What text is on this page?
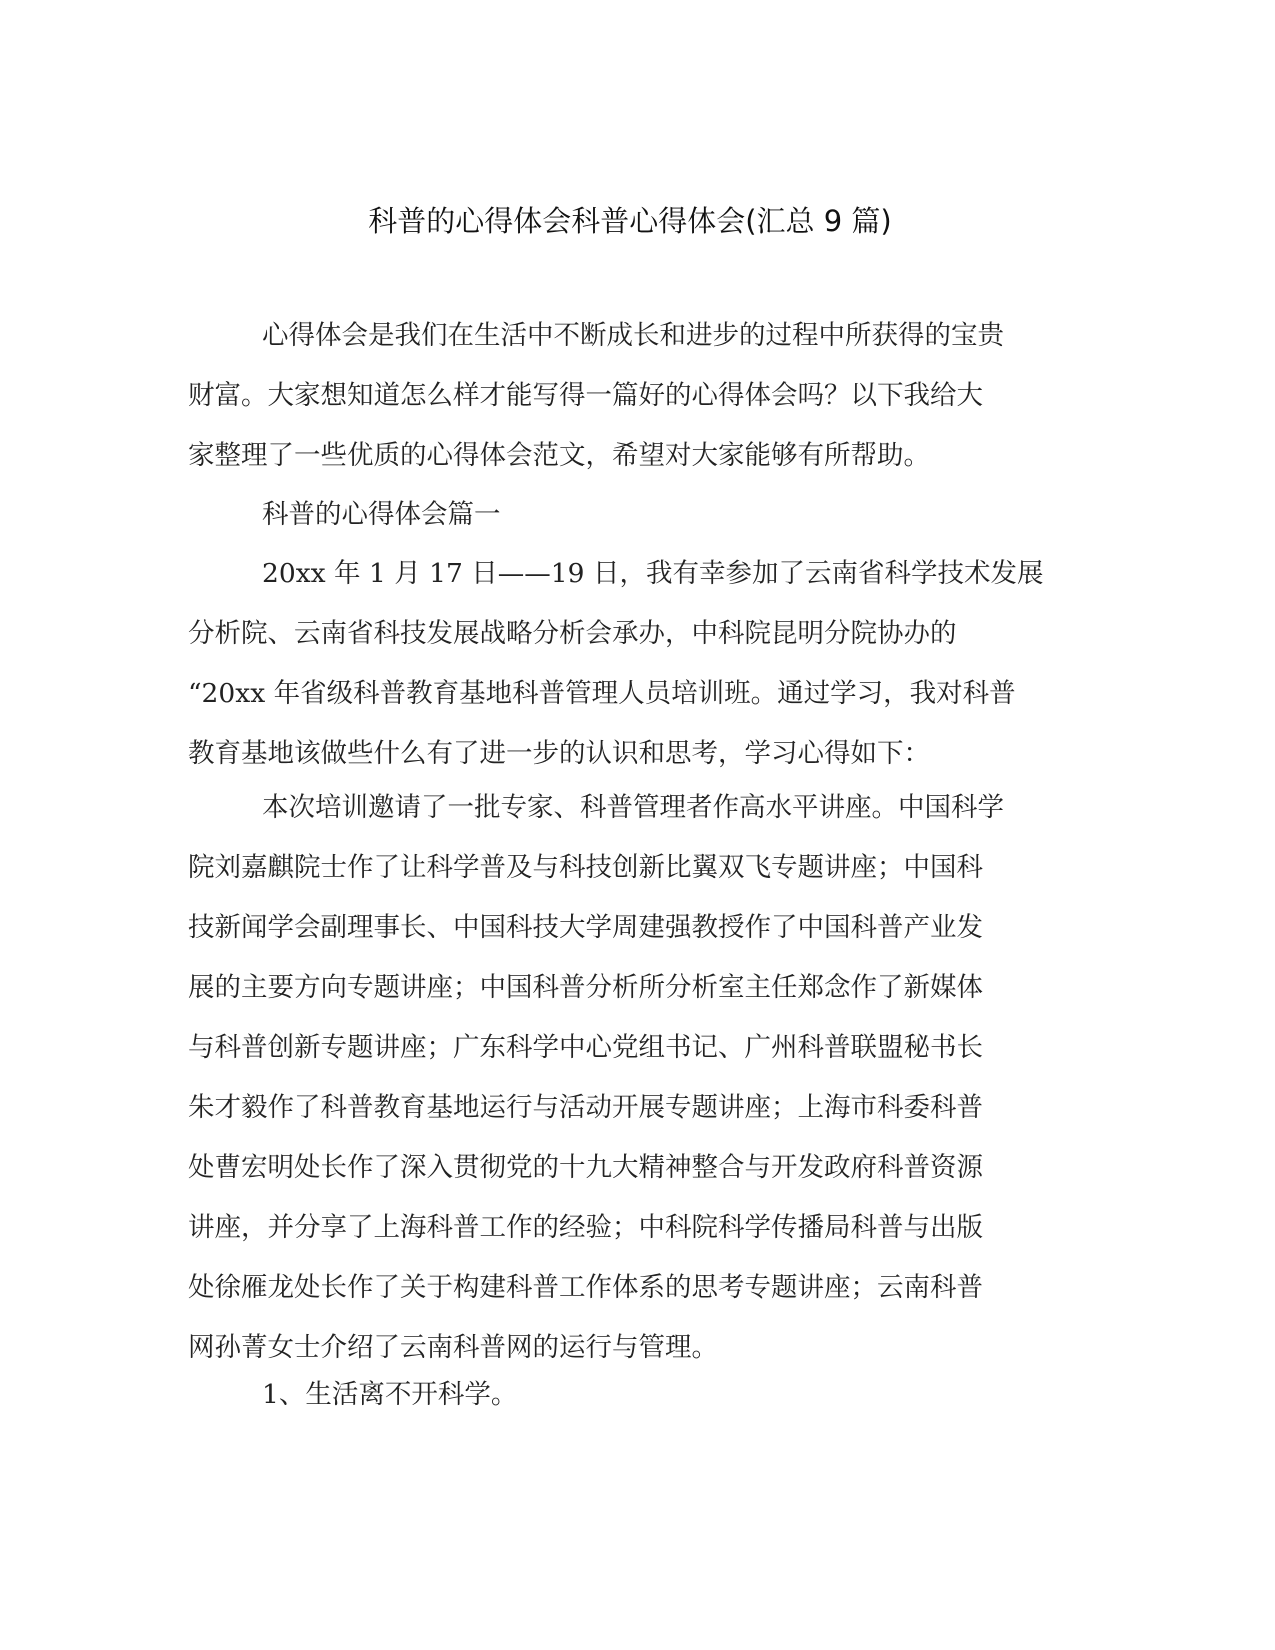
科普的心得体会科普心得体会(汇总 9 篇)

心得体会是我们在生活中不断成长和进步的过程中所获得的宝贵
财富。大家想知道怎么样才能写得一篇好的心得体会吗？以下我给大
家整理了一些优质的心得体会范文，希望对大家能够有所帮助。

科普的心得体会篇一

20xx 年 1 月 17 日——19 日，我有幸参加了云南省科学技术发展
分析院、云南省科技发展战略分析会承办，中科院昆明分院协办的
“20xx 年省级科普教育基地科普管理人员培训班。通过学习，我对科普
教育基地该做些什么有了进一步的认识和思考，学习心得如下：

本次培训邀请了一批专家、科普管理者作高水平讲座。中国科学
院刘嘉麒院士作了让科学普及与科技创新比翼双飞专题讲座；中国科
技新闻学会副理事长、中国科技大学周建强教授作了中国科普产业发
展的主要方向专题讲座；中国科普分析所分析室主任郑念作了新媒体
与科普创新专题讲座；广东科学中心党组书记、广州科普联盟秘书长
朱才毅作了科普教育基地运行与活动开展专题讲座；上海市科委科普
处曹宏明处长作了深入贯彻党的十九大精神整合与开发政府科普资源
讲座，并分享了上海科普工作的经验；中科院科学传播局科普与出版
处徐雁龙处长作了关于构建科普工作体系的思考专题讲座；云南科普
网孙菁女士介绍了云南科普网的运行与管理。

1、生活离不开科学。
